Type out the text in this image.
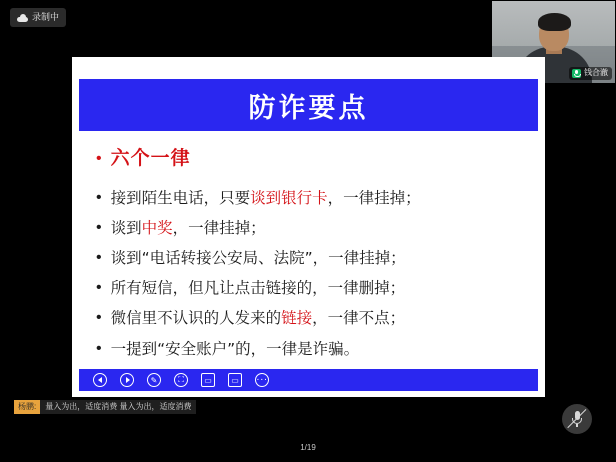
录制中
钱合澈
防诈要点
• 六个一律
• 接到陌生电话，只要谈到银行卡，一律挂掉；
• 谈到中奖，一律挂掉；
• 谈到“电话转接公安局、法院”，一律挂掉；
• 所有短信，但凡让点击链接的，一律删掉；
• 微信里不认识的人发来的链接，一律不点；
• 一提到“安全账户”的，一律是诈骗。
✎	⛶	▭ ▭
···
杨鹏:	量入为出，适度消费 量入为出，适度消费
1/19
